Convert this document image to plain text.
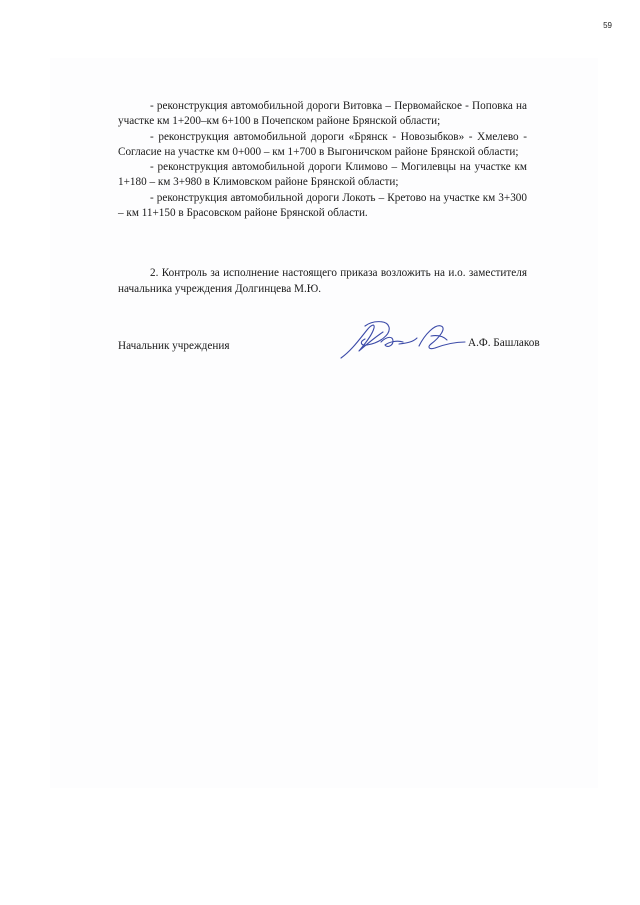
59

- реконструкция автомобильной дороги Витовка – Первомайское - Поповка на участке км 1+200–км 6+100 в Почепском районе Брянской области;

- реконструкция автомобильной дороги «Брянск - Новозыбков» - Хмелево - Согласие на участке км 0+000 – км 1+700 в Выгоничском районе Брянской области;

- реконструкция автомобильной дороги Климово – Могилевцы на участке км 1+180 – км 3+980 в Климовском районе Брянской области;

- реконструкция автомобильной дороги Локоть – Кретово на участке км 3+300 – км 11+150 в Брасовском районе Брянской области.

2. Контроль за исполнение настоящего приказа возложить на и.о. заместителя начальника учреждения Долгинцева М.Ю.

Начальник учреждения	А.Ф. Башлаков
